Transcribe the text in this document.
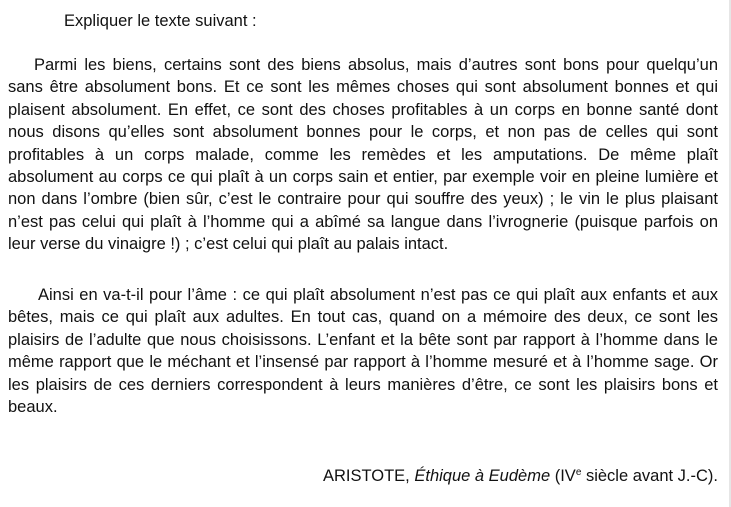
Expliquer le texte suivant :

Parmi les biens, certains sont des biens absolus, mais d’autres sont bons pour quelqu’un sans être absolument bons. Et ce sont les mêmes choses qui sont absolument bonnes et qui plaisent absolument. En effet, ce sont des choses profitables à un corps en bonne santé dont nous disons qu’elles sont absolument bonnes pour le corps, et non pas de celles qui sont profitables à un corps malade, comme les remèdes et les amputations. De même plaît absolument au corps ce qui plaît à un corps sain et entier, par exemple voir en pleine lumière et non dans l’ombre (bien sûr, c’est le contraire pour qui souffre des yeux) ; le vin le plus plaisant n’est pas celui qui plaît à l’homme qui a abîmé sa langue dans l’ivrognerie (puisque parfois on leur verse du vinaigre !) ; c’est celui qui plaît au palais intact.

Ainsi en va-t-il pour l’âme : ce qui plaît absolument n’est pas ce qui plaît aux enfants et aux bêtes, mais ce qui plaît aux adultes. En tout cas, quand on a mémoire des deux, ce sont les plaisirs de l’adulte que nous choisissons. L’enfant et la bête sont par rapport à l’homme dans le même rapport que le méchant et l’insensé par rapport à l’homme mesuré et à l’homme sage. Or les plaisirs de ces derniers correspondent à leurs manières d’être, ce sont les plaisirs bons et beaux.

ARISTOTE, Éthique à Eudème (IVe siècle avant J.-C).
